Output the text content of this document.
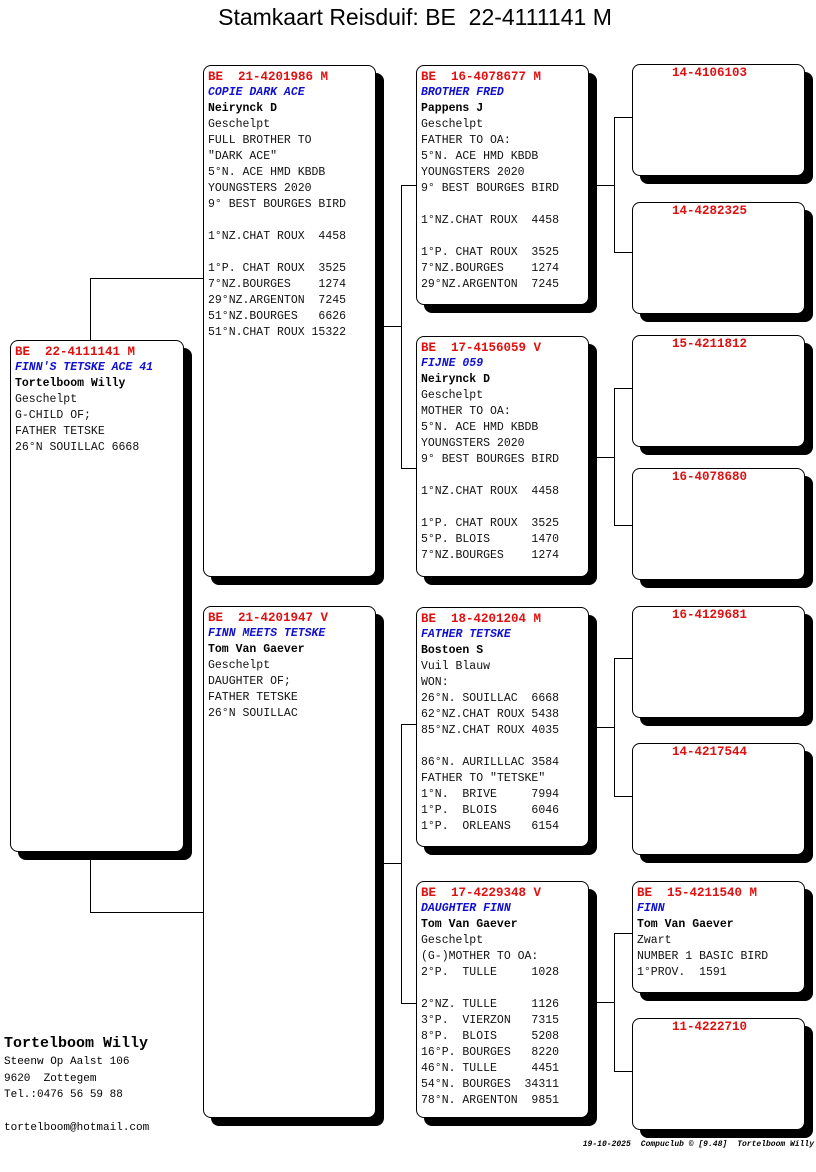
Stamkaart Reisduif: BE  22-4111141 M
BE  22-4111141 M
FINN'S TETSKE ACE 41
Tortelboom Willy
Geschelpt
G-CHILD OF;
FATHER TETSKE
26°N SOUILLAC 6668
BE  21-4201986 M
COPIE DARK ACE
Neirynck D
Geschelpt
FULL BROTHER TO
"DARK ACE"
5°N. ACE HMD KBDB
YOUNGSTERS 2020
9° BEST BOURGES BIRD
1°NZ.CHAT ROUX  4458
1°P. CHAT ROUX  3525
7°NZ.BOURGES    1274
29°NZ.ARGENTON  7245
51°NZ.BOURGES   6626
51°N.CHAT ROUX 15322
BE  21-4201947 V
FINN MEETS TETSKE
Tom Van Gaever
Geschelpt
DAUGHTER OF;
FATHER TETSKE
26°N SOUILLAC
BE  16-4078677 M
BROTHER FRED
Pappens J
Geschelpt
FATHER TO OA:
5°N. ACE HMD KBDB
YOUNGSTERS 2020
9° BEST BOURGES BIRD
1°NZ.CHAT ROUX  4458
1°P. CHAT ROUX  3525
7°NZ.BOURGES    1274
29°NZ.ARGENTON  7245
BE  17-4156059 V
FIJNE 059
Neirynck D
Geschelpt
MOTHER TO OA:
5°N. ACE HMD KBDB
YOUNGSTERS 2020
9° BEST BOURGES BIRD
1°NZ.CHAT ROUX  4458
1°P. CHAT ROUX  3525
5°P. BLOIS      1470
7°NZ.BOURGES    1274
BE  18-4201204 M
FATHER TETSKE
Bostoen S
Vuil Blauw
WON:
26°N. SOUILLAC  6668
62°NZ.CHAT ROUX 5438
85°NZ.CHAT ROUX 4035
86°N. AURILLLAC 3584
FATHER TO "TETSKE"
1°N.  BRIVE     7994
1°P.  BLOIS     6046
1°P.  ORLEANS   6154
BE  17-4229348 V
DAUGHTER FINN
Tom Van Gaever
Geschelpt
(G-)MOTHER TO OA:
2°P.  TULLE     1028
2°NZ. TULLE     1126
3°P.  VIERZON   7315
8°P.  BLOIS     5208
16°P. BOURGES   8220
46°N. TULLE     4451
54°N. BOURGES  34311
78°N. ARGENTON  9851
14-4106103
14-4282325
15-4211812
16-4078680
16-4129681
14-4217544
BE  15-4211540 M
FINN
Tom Van Gaever
Zwart
NUMBER 1 BASIC BIRD
1°PROV.  1591
11-4222710
Tortelboom Willy
Steenw Op Aalst 106
9620  Zottegem
Tel.:0476 56 59 88
tortelboom@hotmail.com
19-10-2025 Compuclub © [9.48] Tortelboom Willy
